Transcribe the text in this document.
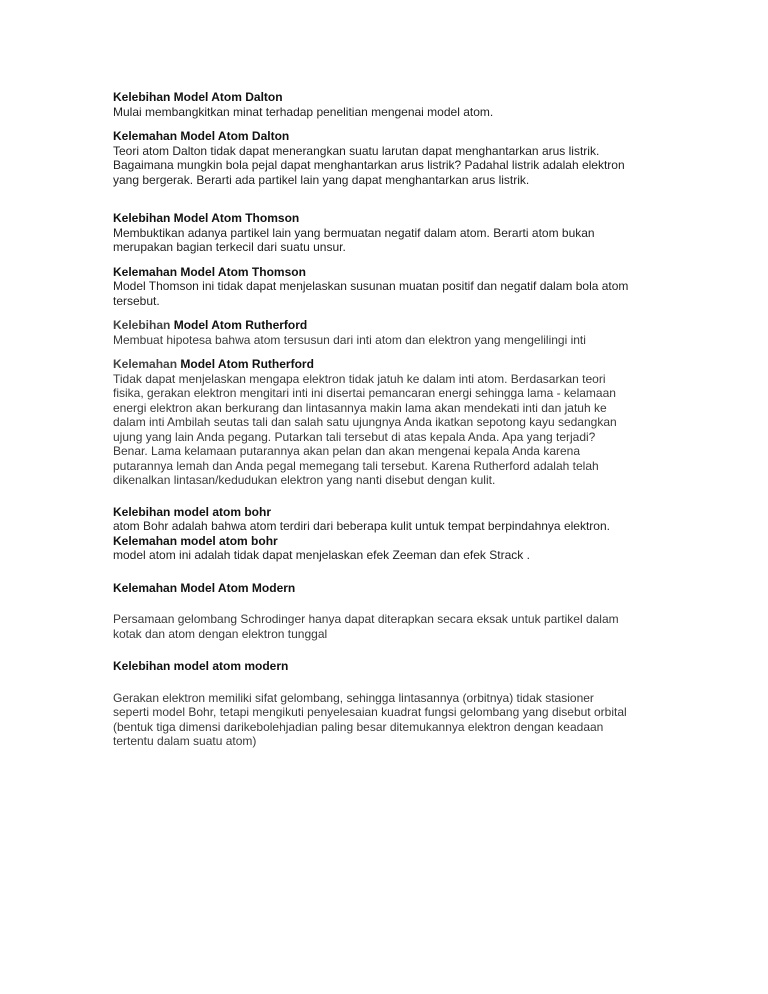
Kelebihan Model Atom Dalton

Mulai membangkitkan minat terhadap penelitian mengenai model atom.

Kelemahan Model Atom Dalton

Teori atom Dalton tidak dapat menerangkan suatu larutan dapat menghantarkan arus listrik.
Bagaimana mungkin bola pejal dapat menghantarkan arus listrik? Padahal listrik adalah elektron
yang bergerak. Berarti ada partikel lain yang dapat menghantarkan arus listrik.

Kelebihan Model Atom Thomson

Membuktikan adanya partikel lain yang bermuatan negatif dalam atom. Berarti atom bukan
merupakan bagian terkecil dari suatu unsur.

Kelemahan Model Atom Thomson

Model Thomson ini tidak dapat menjelaskan susunan muatan positif dan negatif dalam bola atom
tersebut.

Kelebihan Model Atom Rutherford

Membuat hipotesa bahwa atom tersusun dari inti atom dan elektron yang mengelilingi inti

Kelemahan Model Atom Rutherford

Tidak dapat menjelaskan mengapa elektron tidak jatuh ke dalam inti atom. Berdasarkan teori
fisika, gerakan elektron mengitari inti ini disertai pemancaran energi sehingga lama - kelamaan
energi elektron akan berkurang dan lintasannya makin lama akan mendekati inti dan jatuh ke
dalam inti Ambilah seutas tali dan salah satu ujungnya Anda ikatkan sepotong kayu sedangkan
ujung yang lain Anda pegang. Putarkan tali tersebut di atas kepala Anda. Apa yang terjadi?
Benar. Lama kelamaan putarannya akan pelan dan akan mengenai kepala Anda karena
putarannya lemah dan Anda pegal memegang tali tersebut. Karena Rutherford adalah telah
dikenalkan lintasan/kedudukan elektron yang nanti disebut dengan kulit.

Kelebihan model atom bohr

atom Bohr adalah bahwa atom terdiri dari beberapa kulit untuk tempat berpindahnya elektron.

Kelemahan model atom bohr

model atom ini adalah tidak dapat menjelaskan efek Zeeman dan efek Strack .

Kelemahan Model Atom Modern

Persamaan gelombang Schrodinger hanya dapat diterapkan secara eksak untuk partikel dalam
kotak dan atom dengan elektron tunggal

Kelebihan model atom modern

Gerakan elektron memiliki sifat gelombang, sehingga lintasannya (orbitnya) tidak stasioner
seperti model Bohr, tetapi mengikuti penyelesaian kuadrat fungsi gelombang yang disebut orbital
(bentuk tiga dimensi darikebolehjadian paling besar ditemukannya elektron dengan keadaan
tertentu dalam suatu atom)
